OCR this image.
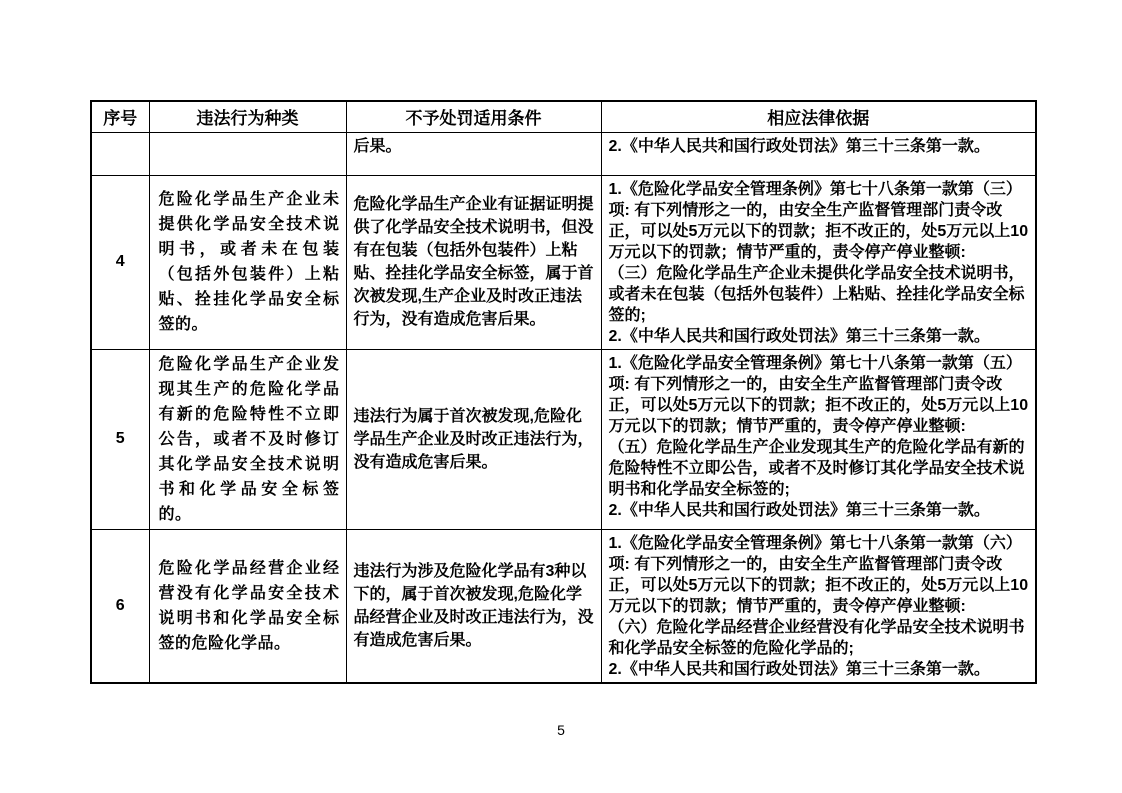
序号	违法行为种类	不予处罚适用条件	相应法律依据
		后果。	2.《中华人民共和国行政处罚法》第三十三条第一款。

4	危险化学品生产企业未提供化学品安全技术说明书，或者未在包装（包括外包装件）上粘贴、拴挂化学品安全标签的。	危险化学品生产企业有证据证明提供了化学品安全技术说明书，但没有在包装（包括外包装件）上粘贴、拴挂化学品安全标签，属于首次被发现,生产企业及时改正违法行为，没有造成危害后果。	1.《危险化学品安全管理条例》第七十八条第一款第（三）项: 有下列情形之一的，由安全生产监督管理部门责令改正，可以处5万元以下的罚款；拒不改正的，处5万元以上10万元以下的罚款；情节严重的，责令停产停业整顿:
（三）危险化学品生产企业未提供化学品安全技术说明书，或者未在包装（包括外包装件）上粘贴、拴挂化学品安全标签的;
2.《中华人民共和国行政处罚法》第三十三条第一款。

5	危险化学品生产企业发现其生产的危险化学品有新的危险特性不立即公告，或者不及时修订其化学品安全技术说明书和化学品安全标签的。	违法行为属于首次被发现,危险化学品生产企业及时改正违法行为，没有造成危害后果。	1.《危险化学品安全管理条例》第七十八条第一款第（五）项: 有下列情形之一的，由安全生产监督管理部门责令改正，可以处5万元以下的罚款；拒不改正的，处5万元以上10万元以下的罚款；情节严重的，责令停产停业整顿:
（五）危险化学品生产企业发现其生产的危险化学品有新的危险特性不立即公告，或者不及时修订其化学品安全技术说明书和化学品安全标签的;
2.《中华人民共和国行政处罚法》第三十三条第一款。

6	危险化学品经营企业经营没有化学品安全技术说明书和化学品安全标签的危险化学品。	违法行为涉及危险化学品有3种以下的，属于首次被发现,危险化学品经营企业及时改正违法行为，没有造成危害后果。	1.《危险化学品安全管理条例》第七十八条第一款第（六）项: 有下列情形之一的，由安全生产监督管理部门责令改正，可以处5万元以下的罚款；拒不改正的，处5万元以上10万元以下的罚款；情节严重的，责令停产停业整顿:
（六）危险化学品经营企业经营没有化学品安全技术说明书和化学品安全标签的危险化学品的;
2.《中华人民共和国行政处罚法》第三十三条第一款。
5
